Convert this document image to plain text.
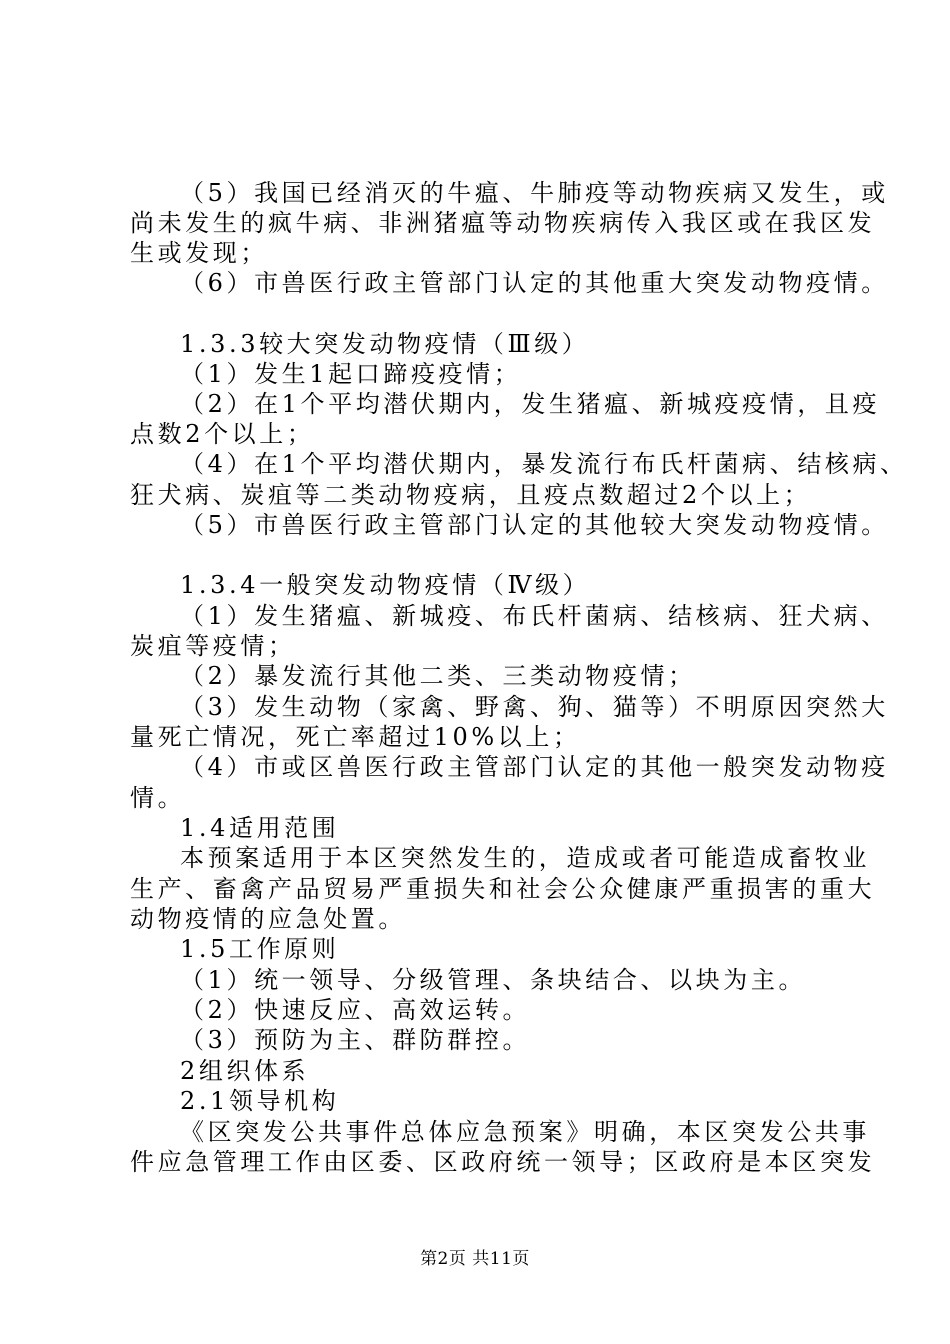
（5）我国已经消灭的牛瘟、牛肺疫等动物疾病又发生，或
尚未发生的疯牛病、非洲猪瘟等动物疾病传入我区或在我区发
生或发现；
（6）市兽医行政主管部门认定的其他重大突发动物疫情。
1.3.3较大突发动物疫情（Ⅲ级）
（1）发生1起口蹄疫疫情；
（2）在1个平均潜伏期内，发生猪瘟、新城疫疫情，且疫
点数2个以上；
（4）在1个平均潜伏期内，暴发流行布氏杆菌病、结核病、
狂犬病、炭疽等二类动物疫病，且疫点数超过2个以上；
（5）市兽医行政主管部门认定的其他较大突发动物疫情。
1.3.4一般突发动物疫情（Ⅳ级）
（1）发生猪瘟、新城疫、布氏杆菌病、结核病、狂犬病、
炭疽等疫情；
（2）暴发流行其他二类、三类动物疫情；
（3）发生动物（家禽、野禽、狗、猫等）不明原因突然大
量死亡情况，死亡率超过10%以上；
（4）市或区兽医行政主管部门认定的其他一般突发动物疫
情。
1.4适用范围
本预案适用于本区突然发生的，造成或者可能造成畜牧业
生产、畜禽产品贸易严重损失和社会公众健康严重损害的重大
动物疫情的应急处置。
1.5工作原则
（1）统一领导、分级管理、条块结合、以块为主。
（2）快速反应、高效运转。
（3）预防为主、群防群控。
2组织体系
2.1领导机构
《区突发公共事件总体应急预案》明确，本区突发公共事
件应急管理工作由区委、区政府统一领导；区政府是本区突发
第2页 共11页
